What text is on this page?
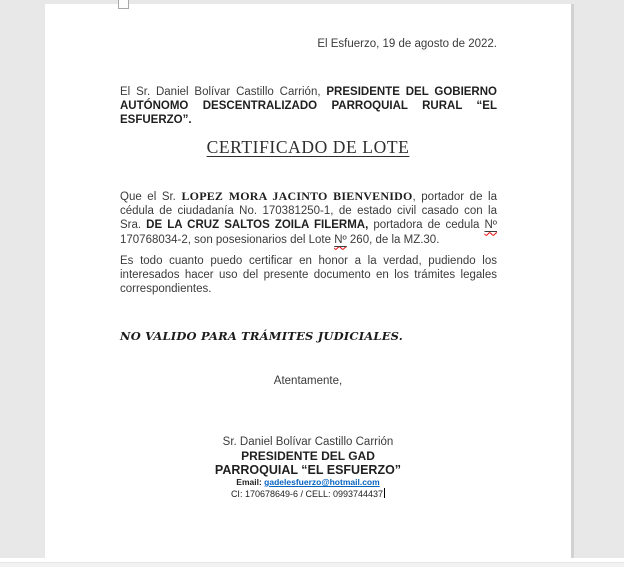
El Esfuerzo, 19 de agosto de 2022.
El Sr. Daniel Bolívar Castillo Carrión, PRESIDENTE DEL GOBIERNO AUTÓNOMO DESCENTRALIZADO PARROQUIAL RURAL “EL ESFUERZO”.
CERTIFICADO DE LOTE
Que el Sr. LOPEZ MORA JACINTO BIENVENIDO, portador de la cédula de ciudadanía No. 170381250-1, de estado civil casado con la Sra. DE LA CRUZ SALTOS ZOILA FILERMA, portadora de cedula Nº 170768034-2, son posesionarios del Lote Nº 260, de la MZ.30.
Es todo cuanto puedo certificar en honor a la verdad, pudiendo los interesados hacer uso del presente documento en los trámites legales correspondientes.
NO VALIDO PARA TRÁMITES JUDICIALES.
Atentamente,
Sr. Daniel Bolívar Castillo Carrión
PRESIDENTE DEL GAD
PARROQUIAL “EL ESFUERZO”
Email: gadelesfuerzo@hotmail.com
CI: 170678649-6 / CELL: 0993744437
